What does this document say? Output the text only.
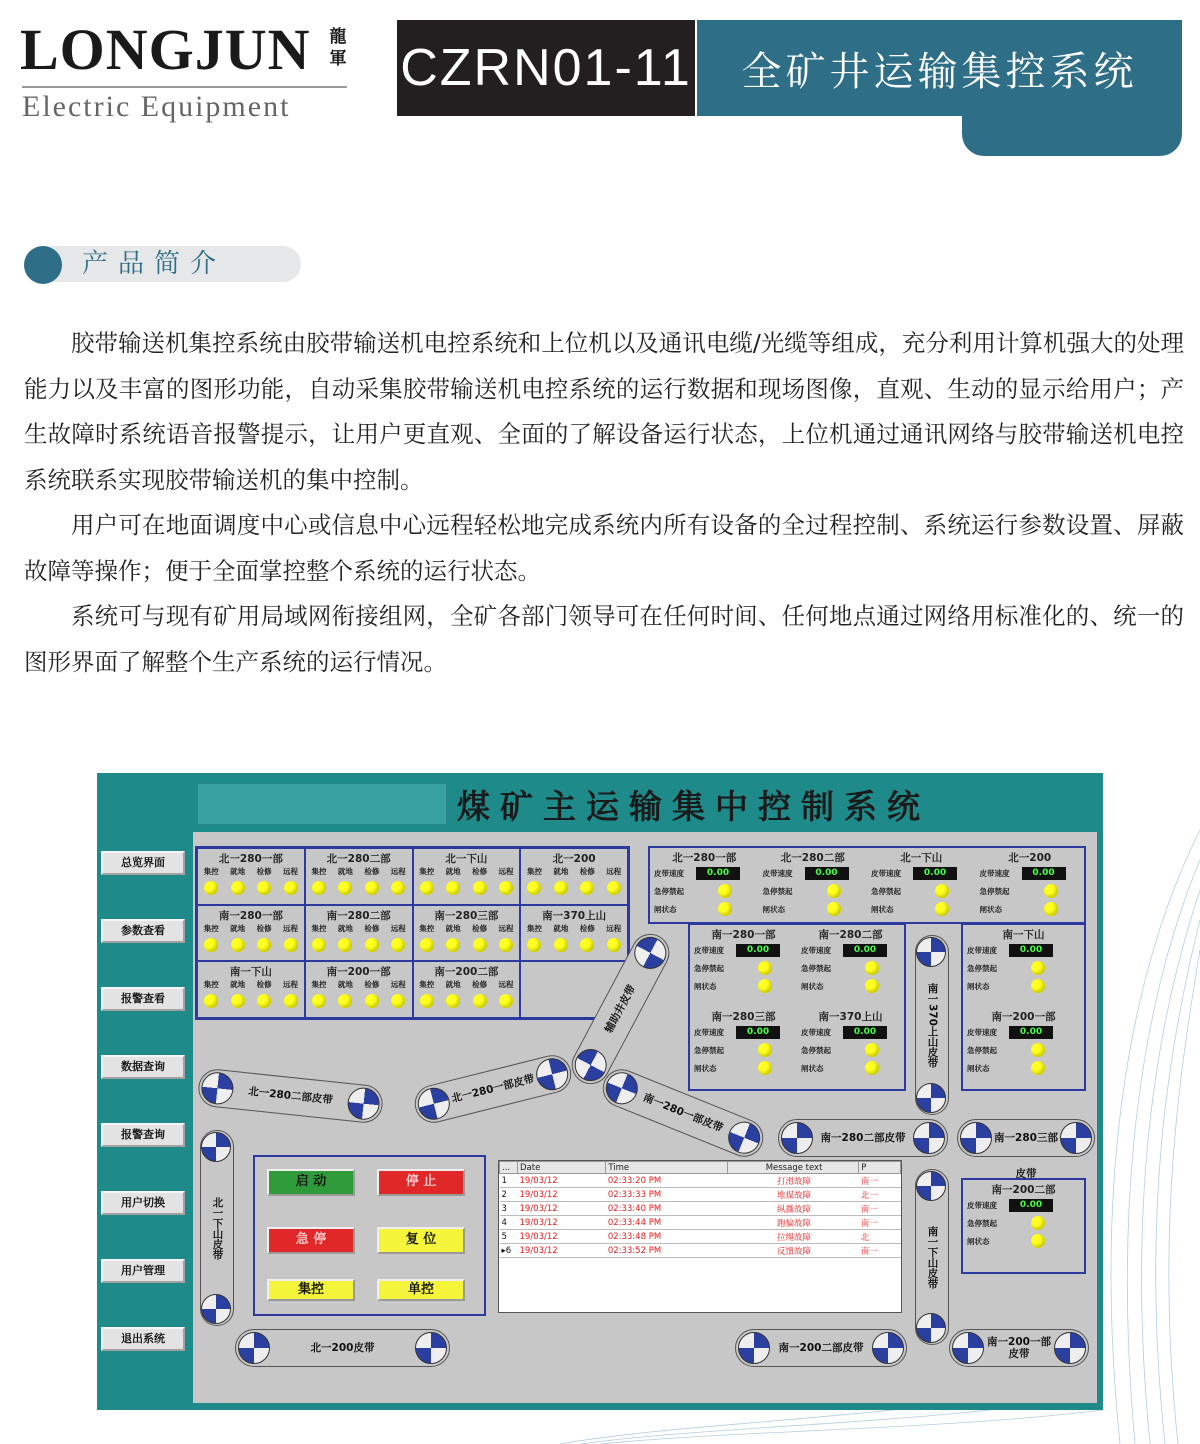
LONGJUN	龍軍
Electric Equipment
CZRN01-11	全矿井运输集控系统
产品简介

胶带输送机集控系统由胶带输送机电控系统和上位机以及通讯电缆/光缆等组成，充分利用计算机强大的处理能力以及丰富的图形功能，自动采集胶带输送机电控系统的运行数据和现场图像，直观、生动的显示给用户；产生故障时系统语音报警提示，让用户更直观、全面的了解设备运行状态，上位机通过通讯网络与胶带输送机电控系统联系实现胶带输送机的集中控制。

用户可在地面调度中心或信息中心远程轻松地完成系统内所有设备的全过程控制、系统运行参数设置、屏蔽故障等操作；便于全面掌控整个系统的运行状态。

系统可与现有矿用局域网衔接组网，全矿各部门领导可在任何时间、任何地点通过网络用标准化的、统一的图形界面了解整个生产系统的运行情况。

煤矿主运输集中控制系统
总览界面
参数查看
报警查看
数据查询
报警查询
用户切换
用户管理
退出系统
北一280一部
集控 就地 检修 远程
北一280二部
集控 就地 检修 远程
北一下山
集控 就地 检修 远程
北一200
集控 就地 检修 远程
南一280一部
集控 就地 检修 远程
南一280二部
集控 就地 检修 远程
南一280三部
集控 就地 检修 远程
南一370上山
集控 就地 检修 远程
南一下山
集控 就地 检修 远程
南一200一部
集控 就地 检修 远程
南一200二部
集控 就地 检修 远程
北一280一部
皮带速度	0.00
急停禁起
闸状态
北一280二部
皮带速度	0.00
急停禁起
闸状态
北一下山
皮带速度	0.00
急停禁起
闸状态
北一200
皮带速度	0.00
急停禁起
闸状态
南一280一部
皮带速度	0.00
急停禁起
闸状态
南一280二部
皮带速度	0.00
急停禁起
闸状态
南一280三部
皮带速度	0.00
急停禁起
闸状态
南一370上山
皮带速度	0.00
急停禁起
闸状态
南一下山
皮带速度	0.00
急停禁起
闸状态
南一200一部
皮带速度	0.00
急停禁起
闸状态
南一200二部
皮带速度	0.00
急停禁起
闸状态
北一280二部皮带	北一280一部皮带
辅助井皮带
南一280一部皮带
南一280二部皮带	南一280三部皮带
北一200皮带	南一200二部皮带	南一200一部皮带
北一下山皮带
南一370上山皮带
南一下山皮带
启 动	停 止
急 停	复 位
集控	单控
...	Date	Time	Message text	P
1	19/03/12	02:33:20 PM	打滑故障	南一
2	19/03/12	02:33:33 PM	堆煤故障	北一
3	19/03/12	02:33:40 PM	纵撕故障	南一
4	19/03/12	02:33:44 PM	跑偏故障	南一
5	19/03/12	02:33:48 PM	拉绳故障	北
▸6	19/03/12	02:33:52 PM	反馈故障	南一
